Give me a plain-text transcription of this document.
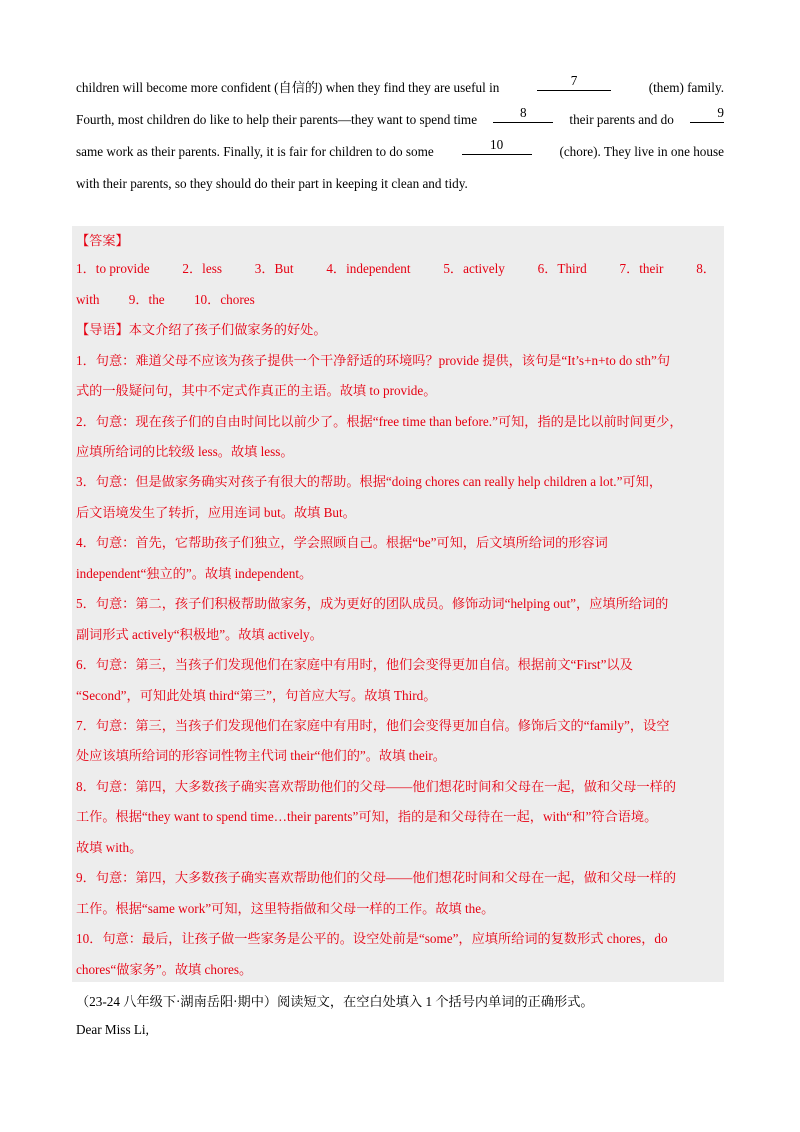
children will become more confident (自信的) when they find they are useful in	7	(them) family.
Fourth, most children do like to help their parents—they want to spend time	8	their parents and do	9
same work as their parents. Finally, it is fair for children to do some	10	(chore). They live in one house
with their parents, so they should do their part in keeping it clean and tidy.
【答案】
1．to provide 2．less 3．But 4．independent 5．actively 6．Third 7．their 8．
with 9．the 10．chores
【导语】本文介绍了孩子们做家务的好处。
1．句意：难道父母不应该为孩子提供一个干净舒适的环境吗？provide 提供，该句是“It’s+n+to do sth”句
式的一般疑问句，其中不定式作真正的主语。故填 to provide。
2．句意：现在孩子们的自由时间比以前少了。根据“free time than before.”可知，指的是比以前时间更少，
应填所给词的比较级 less。故填 less。
3．句意：但是做家务确实对孩子有很大的帮助。根据“doing chores can really help children a lot.”可知，
后文语境发生了转折，应用连词 but。故填 But。
4．句意：首先，它帮助孩子们独立，学会照顾自己。根据“be”可知，后文填所给词的形容词
independent“独立的”。故填 independent。
5．句意：第二，孩子们积极帮助做家务，成为更好的团队成员。修饰动词“helping out”，应填所给词的
副词形式 actively“积极地”。故填 actively。
6．句意：第三，当孩子们发现他们在家庭中有用时，他们会变得更加自信。根据前文“First”以及
“Second”，可知此处填 third“第三”，句首应大写。故填 Third。
7．句意：第三，当孩子们发现他们在家庭中有用时，他们会变得更加自信。修饰后文的“family”，设空
处应该填所给词的形容词性物主代词 their“他们的”。故填 their。
8．句意：第四，大多数孩子确实喜欢帮助他们的父母——他们想花时间和父母在一起，做和父母一样的
工作。根据“they want to spend time…their parents”可知，指的是和父母待在一起，with“和”符合语境。
故填 with。
9．句意：第四，大多数孩子确实喜欢帮助他们的父母——他们想花时间和父母在一起，做和父母一样的
工作。根据“same work”可知，这里特指做和父母一样的工作。故填 the。
10．句意：最后，让孩子做一些家务是公平的。设空处前是“some”，应填所给词的复数形式 chores，do
chores“做家务”。故填 chores。
（23-24 八年级下·湖南岳阳·期中）阅读短文，在空白处填入 1 个括号内单词的正确形式。
Dear Miss Li,
